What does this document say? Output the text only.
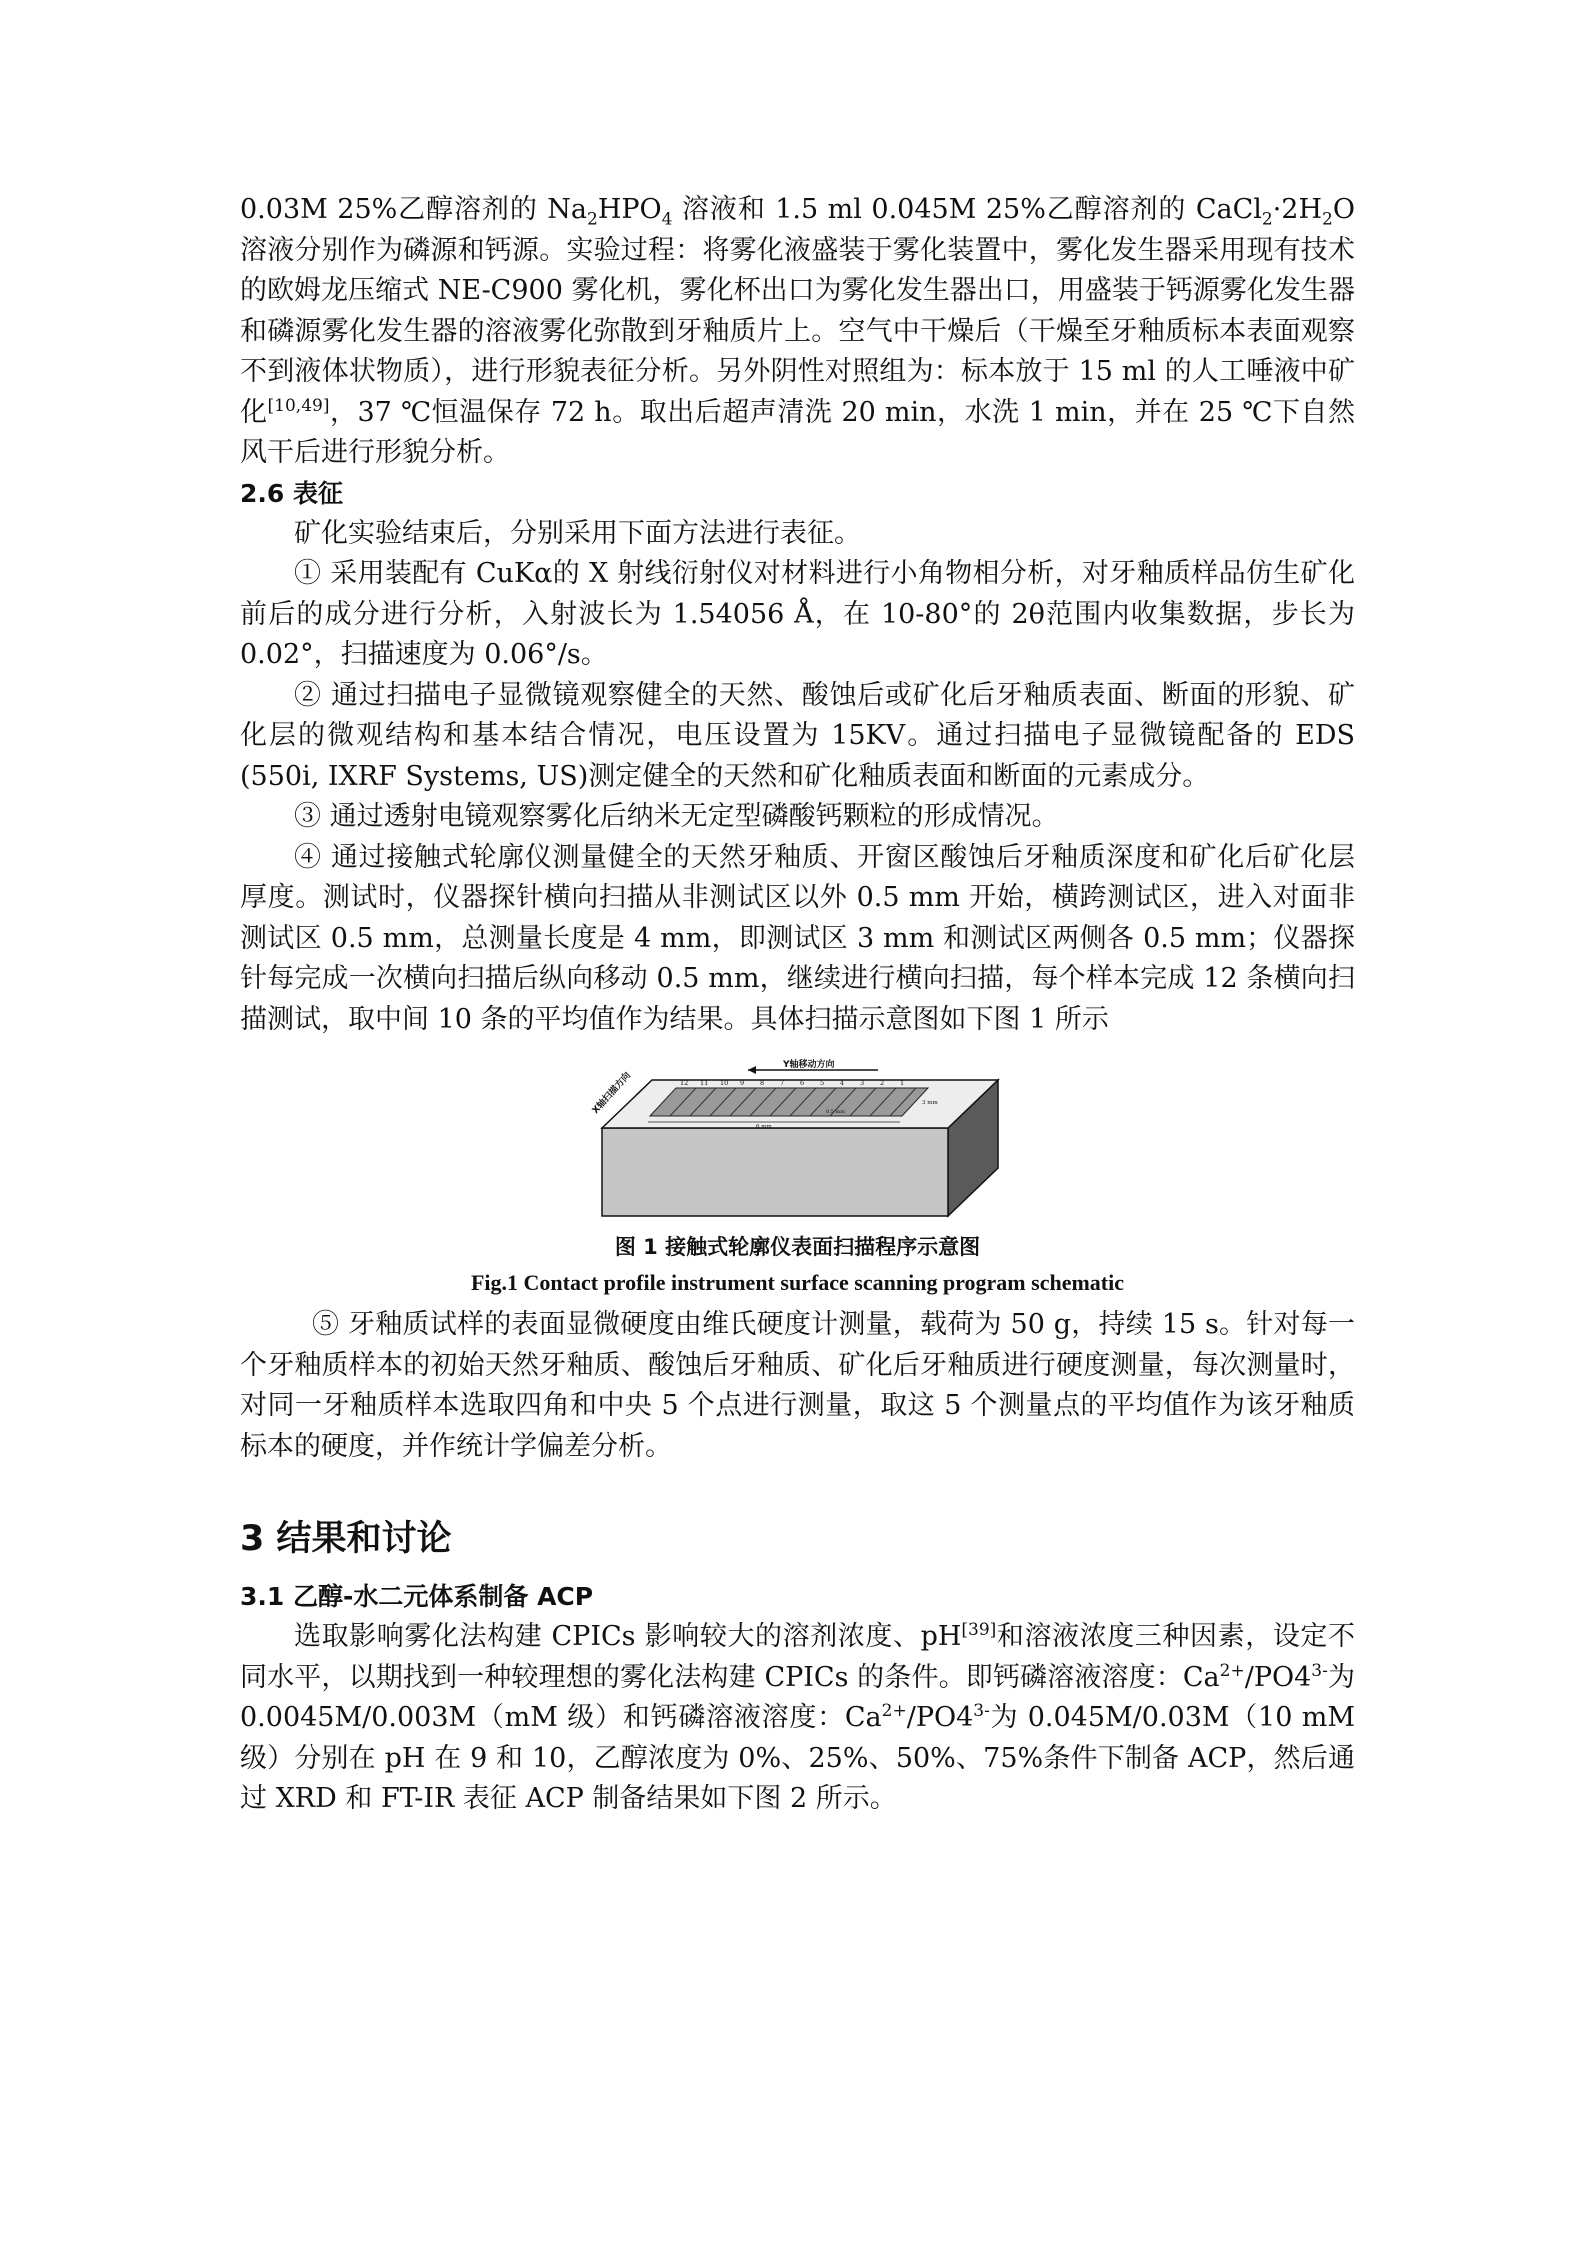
0.03M 25%乙醇溶剂的 $Na_2HPO_4$ 溶液和 1.5 ml 0.045M 25%乙醇溶剂的 $CaCl_2\cdot 2H_2O$ 溶液分别作为磷源和钙源。实验过程：将雾化液盛装于雾化装置中，雾化发生器采用现有技术的欧姆龙压缩式 NE-C900 雾化机，雾化杯出口为雾化发生器出口，用盛装于钙源雾化发生器和磷源雾化发生器的溶液雾化弥散到牙釉质片上。空气中干燥后（干燥至牙釉质标本表面观察不到液体状物质），进行形貌表征分析。另外阴性对照组为：标本放于 15 ml 的人工唾液中矿化[10,49]，37 ℃恒温保存 72 h。取出后超声清洗 20 min，水洗 1 min，并在 25 ℃下自然风干后进行形貌分析。

2.6 表征

矿化实验结束后，分别采用下面方法进行表征。

① 采用装配有 CuKα的 X 射线衍射仪对材料进行小角物相分析，对牙釉质样品仿生矿化前后的成分进行分析，入射波长为 1.54056 Å，在 10-80°的 2θ范围内收集数据，步长为 0.02°，扫描速度为 0.06°/s。

② 通过扫描电子显微镜观察健全的天然、酸蚀后或矿化后牙釉质表面、断面的形貌、矿化层的微观结构和基本结合情况，电压设置为 15KV。通过扫描电子显微镜配备的 EDS (550i, IXRF Systems, US)测定健全的天然和矿化釉质表面和断面的元素成分。

③ 通过透射电镜观察雾化后纳米无定型磷酸钙颗粒的形成情况。

④ 通过接触式轮廓仪测量健全的天然牙釉质、开窗区酸蚀后牙釉质深度和矿化后矿化层厚度。测试时，仪器探针横向扫描从非测试区以外 0.5 mm 开始，横跨测试区，进入对面非测试区 0.5 mm，总测量长度是 4 mm，即测试区 3 mm 和测试区两侧各 0.5 mm；仪器探针每完成一次横向扫描后纵向移动 0.5 mm，继续进行横向扫描，每个样本完成 12 条横向扫描测试，取中间 10 条的平均值作为结果。具体扫描示意图如下图 1 所示

12 11 10 9 8 7 6 5 4 3 2 1
6 mm
3 mm
0.5 mm
Y轴移动方向
X轴扫描方向

图 1 接触式轮廓仪表面扫描程序示意图

Fig.1 Contact profile instrument surface scanning program schematic

⑤ 牙釉质试样的表面显微硬度由维氏硬度计测量，载荷为 50 g，持续 15 s。针对每一个牙釉质样本的初始天然牙釉质、酸蚀后牙釉质、矿化后牙釉质进行硬度测量，每次测量时，对同一牙釉质样本选取四角和中央 5 个点进行测量，取这 5 个测量点的平均值作为该牙釉质标本的硬度，并作统计学偏差分析。

3 结果和讨论

3.1 乙醇-水二元体系制备 ACP

选取影响雾化法构建 CPICs 影响较大的溶剂浓度、pH[39]和溶液浓度三种因素，设定不同水平，以期找到一种较理想的雾化法构建 CPICs 的条件。即钙磷溶液溶度：$Ca^{2+}/PO4^{3-}$为 0.0045M/0.003M（mM 级）和钙磷溶液溶度：$Ca^{2+}/PO4^{3-}$为 0.045M/0.03M（10 mM 级）分别在 pH 在 9 和 10，乙醇浓度为 0%、25%、50%、75%条件下制备 ACP，然后通过 XRD 和 FT-IR 表征 ACP 制备结果如下图 2 所示。
